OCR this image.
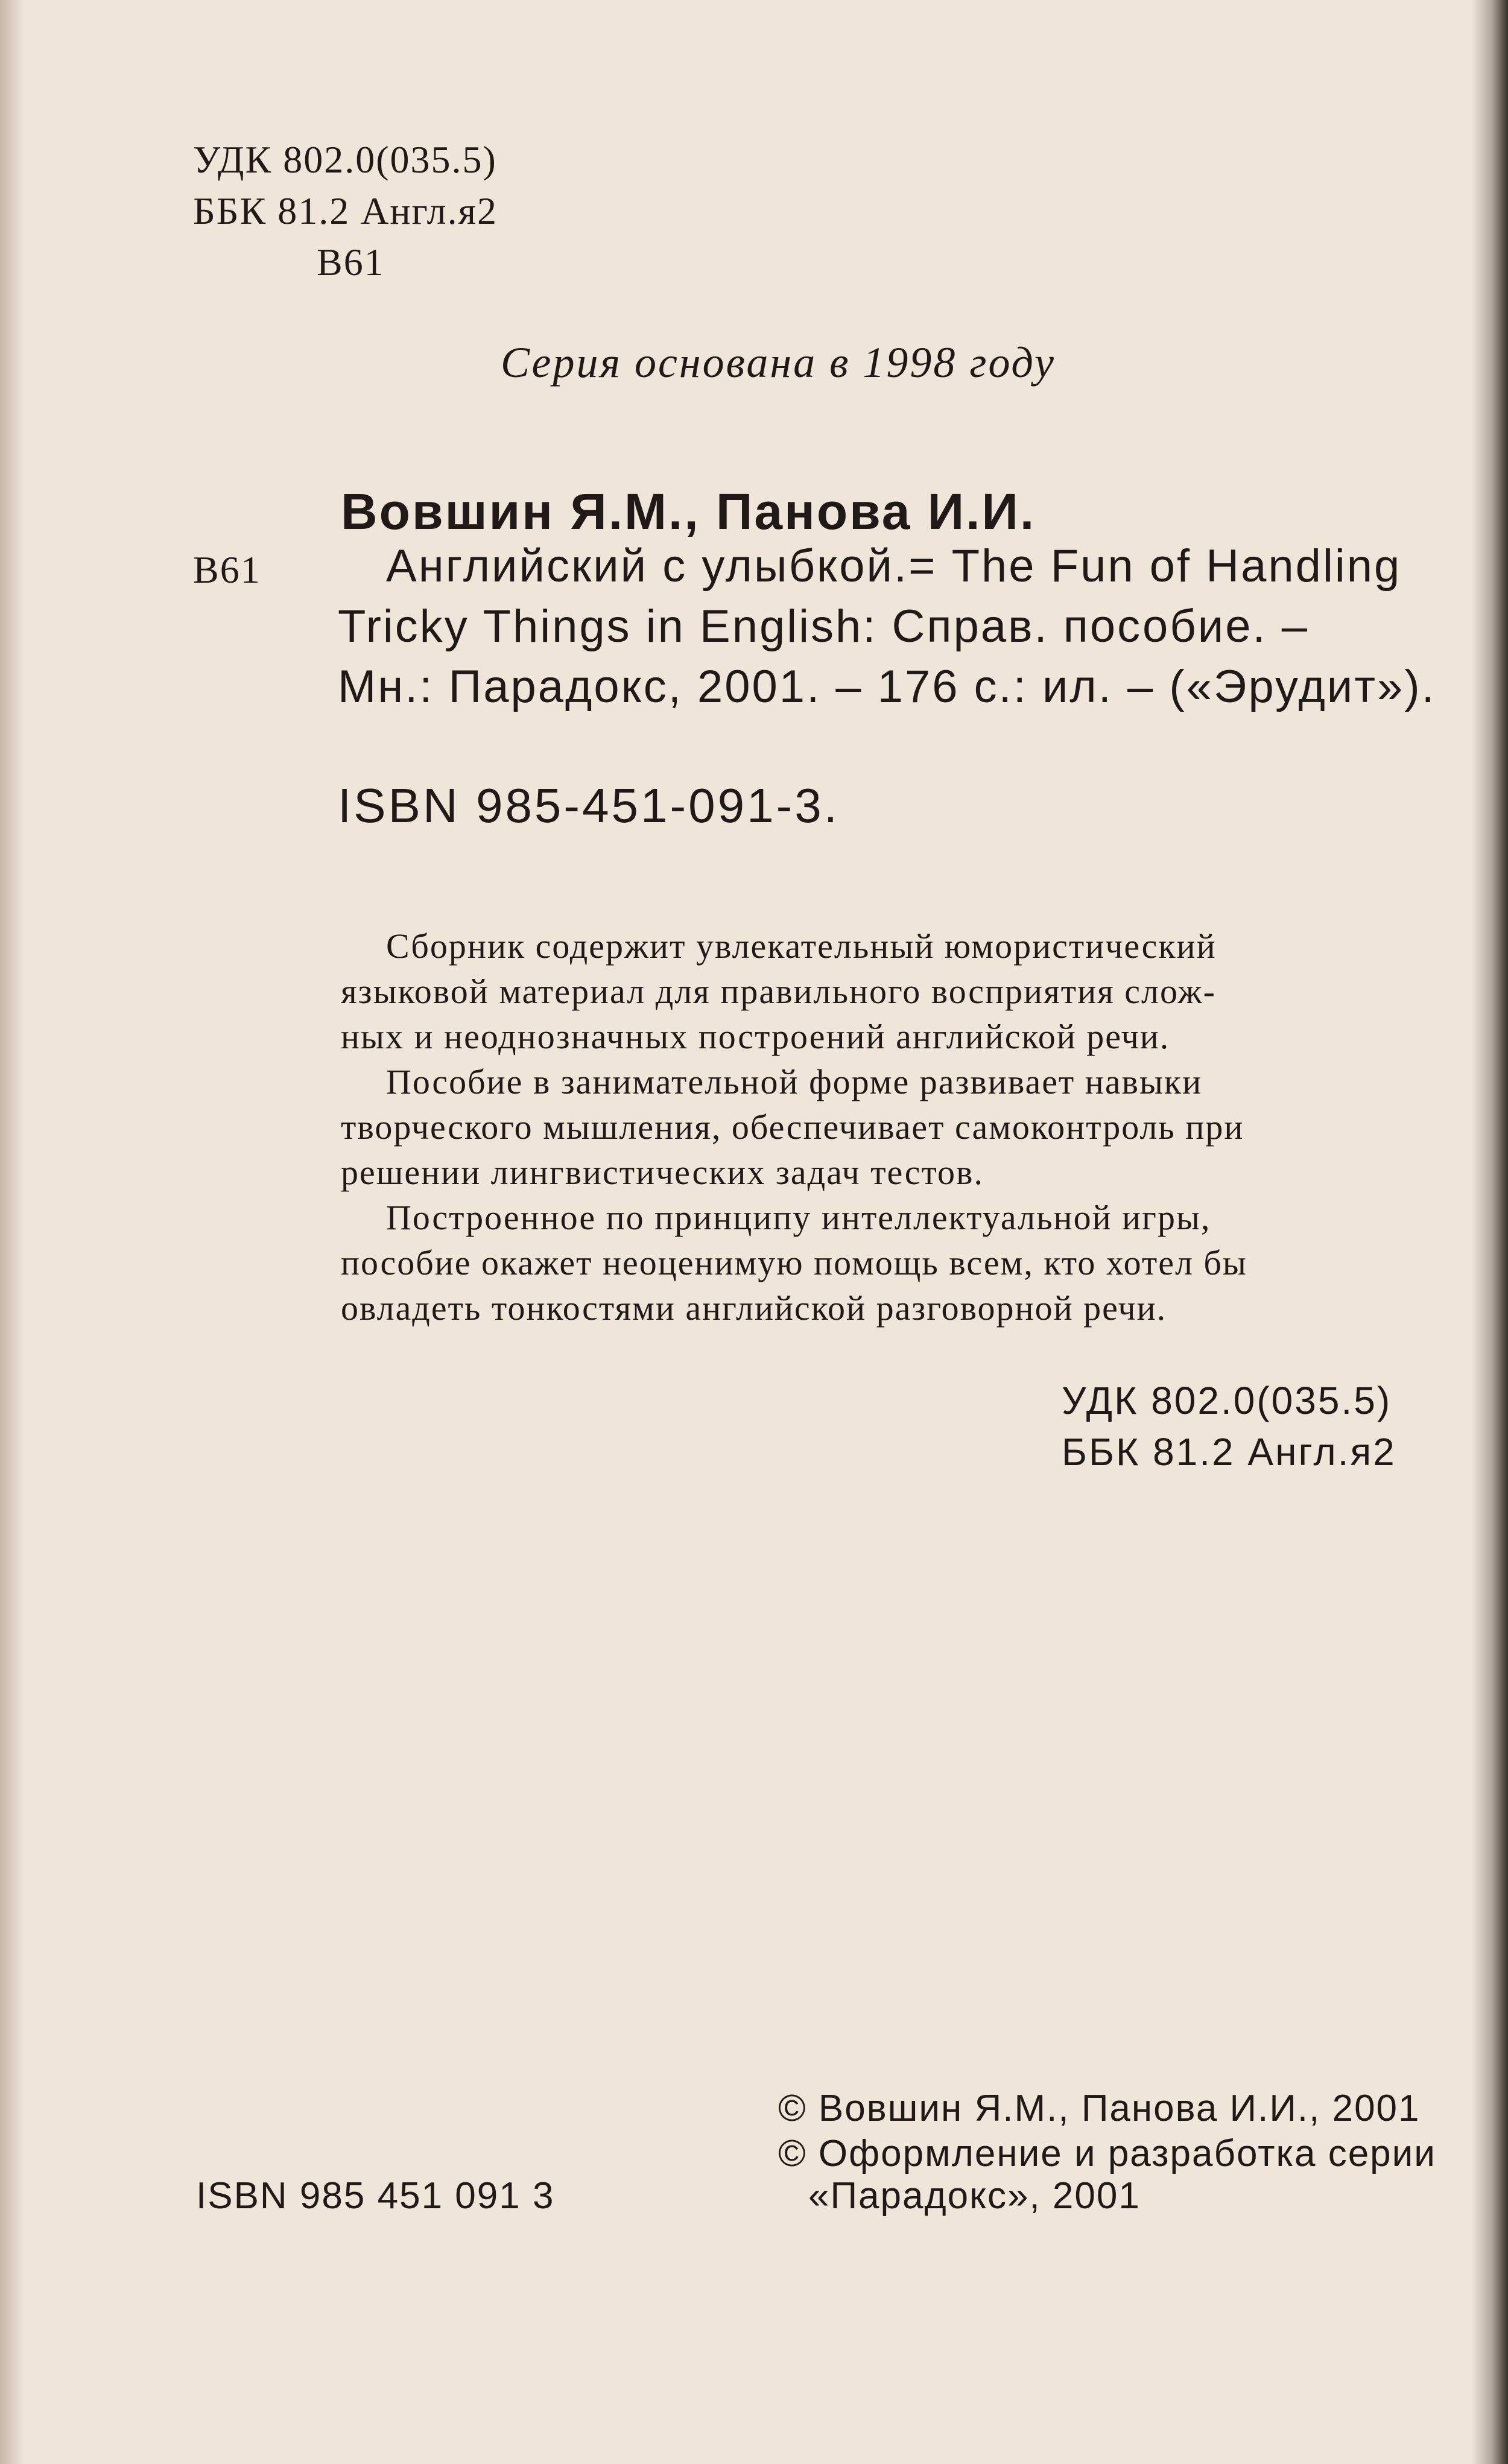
УДК 802.0(035.5)
ББК 81.2 Англ.я2
В61
Серия основана в 1998 году
Вовшин Я.М., Панова И.И.
В61	Английский с улыбкой.= The Fun of Handling
Tricky Things in English: Справ. пособие. –
Мн.: Парадокс, 2001. – 176 с.: ил. – («Эрудит»).
ISBN 985-451-091-3.
Сборник содержит увлекательный юмористический
языковой материал для правильного восприятия слож-
ных и неоднозначных построений английской речи.
Пособие в занимательной форме развивает навыки
творческого мышления, обеспечивает самоконтроль при
решении лингвистических задач тестов.
Построенное по принципу интеллектуальной игры,
пособие окажет неоценимую помощь всем, кто хотел бы
овладеть тонкостями английской разговорной речи.
УДК 802.0(035.5)
ББК 81.2 Англ.я2
© Вовшин Я.М., Панова И.И., 2001
© Оформление и разработка серии
ISBN 985 451 091 3	«Парадокс», 2001
